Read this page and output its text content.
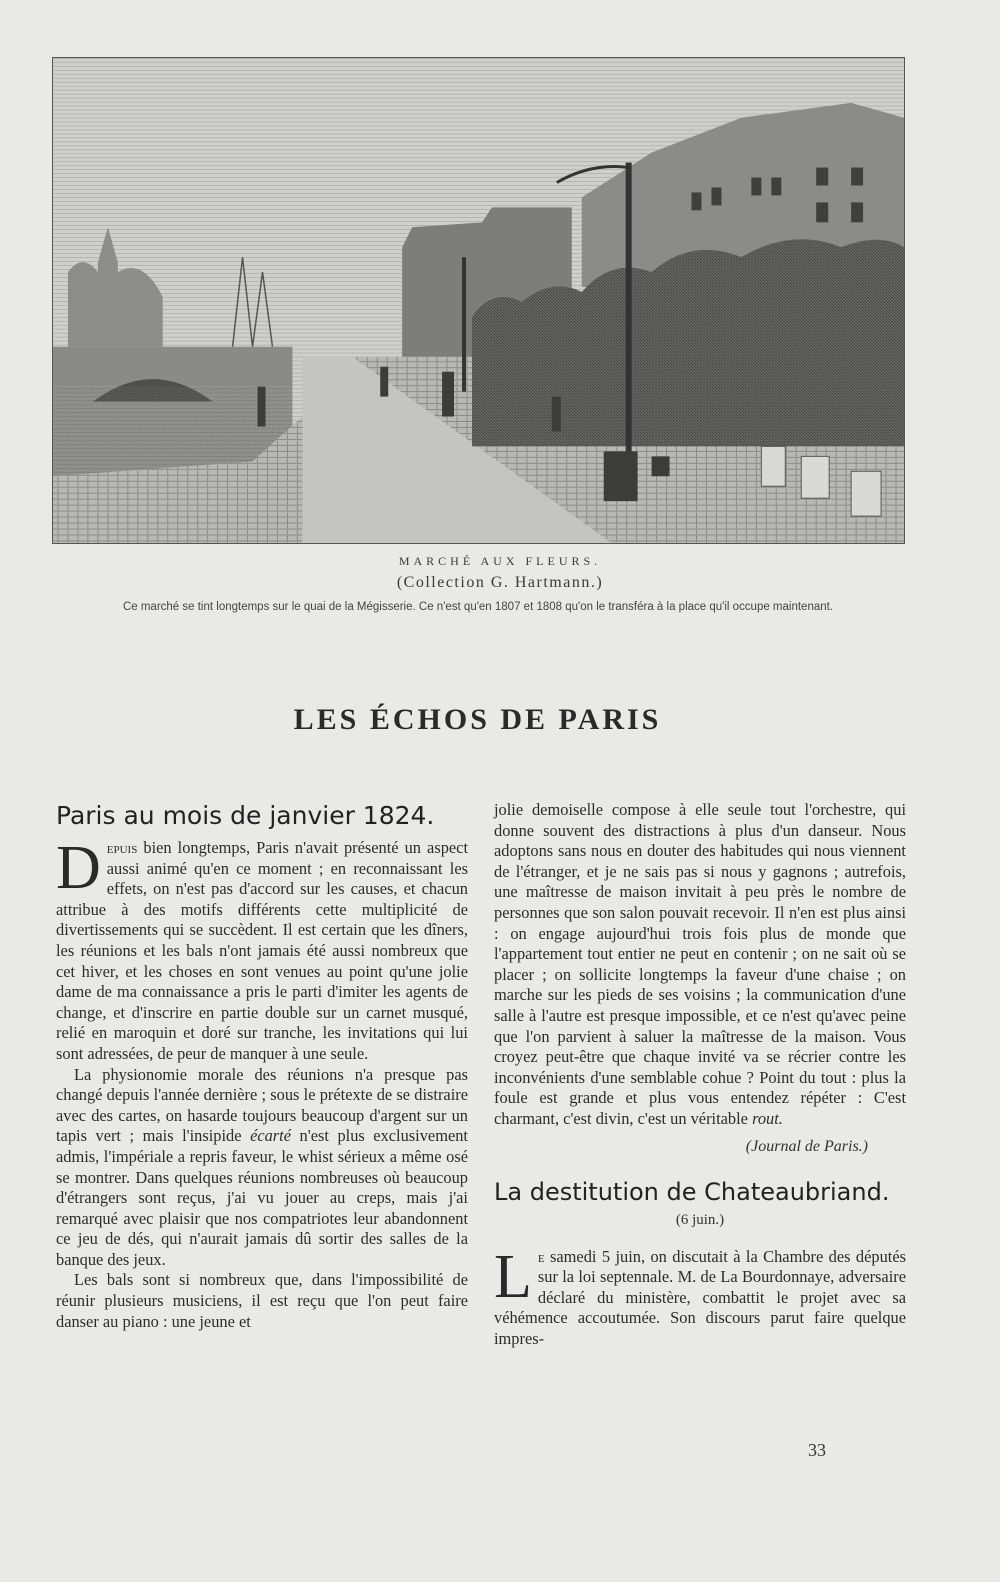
MARCHÉ AUX FLEURS.
(Collection G. Hartmann.)
Ce marché se tint longtemps sur le quai de la Mégisserie. Ce n'est qu'en 1807 et 1808 qu'on le transféra à la place qu'il occupe maintenant.
LES ÉCHOS DE PARIS
Paris au mois de janvier 1824.

Depuis bien longtemps, Paris n'avait présenté un aspect aussi animé qu'en ce moment ; en reconnaissant les effets, on n'est pas d'accord sur les causes, et chacun attribue à des motifs différents cette multiplicité de divertissements qui se succèdent. Il est certain que les dîners, les réunions et les bals n'ont jamais été aussi nombreux que cet hiver, et les choses en sont venues au point qu'une jolie dame de ma connaissance a pris le parti d'imiter les agents de change, et d'inscrire en partie double sur un carnet musqué, relié en maroquin et doré sur tranche, les invitations qui lui sont adressées, de peur de manquer à une seule.

La physionomie morale des réunions n'a presque pas changé depuis l'année dernière ; sous le prétexte de se distraire avec des cartes, on hasarde toujours beaucoup d'argent sur un tapis vert ; mais l'insipide écarté n'est plus exclusivement admis, l'impériale a repris faveur, le whist sérieux a même osé se montrer. Dans quelques réunions nombreuses où beaucoup d'étrangers sont reçus, j'ai vu jouer au creps, mais j'ai remarqué avec plaisir que nos compatriotes leur abandonnent ce jeu de dés, qui n'aurait jamais dû sortir des salles de la banque des jeux.

Les bals sont si nombreux que, dans l'impossibilité de réunir plusieurs musiciens, il est reçu que l'on peut faire danser au piano : une jeune et

jolie demoiselle compose à elle seule tout l'orchestre, qui donne souvent des distractions à plus d'un danseur. Nous adoptons sans nous en douter des habitudes qui nous viennent de l'étranger, et je ne sais pas si nous y gagnons ; autrefois, une maîtresse de maison invitait à peu près le nombre de personnes que son salon pouvait recevoir. Il n'en est plus ainsi : on engage aujourd'hui trois fois plus de monde que l'appartement tout entier ne peut en contenir ; on ne sait où se placer ; on sollicite longtemps la faveur d'une chaise ; on marche sur les pieds de ses voisins ; la communication d'une salle à l'autre est presque impossible, et ce n'est qu'avec peine que l'on parvient à saluer la maîtresse de la maison. Vous croyez peut-être que chaque invité va se récrier contre les inconvénients d'une semblable cohue ? Point du tout : plus la foule est grande et plus vous entendez répéter : C'est charmant, c'est divin, c'est un véritable rout.

(Journal de Paris.)
La destitution de Chateaubriand.
(6 juin.)

Le samedi 5 juin, on discutait à la Chambre des députés sur la loi septennale. M. de La Bourdonnaye, adversaire déclaré du ministère, combattit le projet avec sa véhémence accoutumée. Son discours parut faire quelque impres-

33
